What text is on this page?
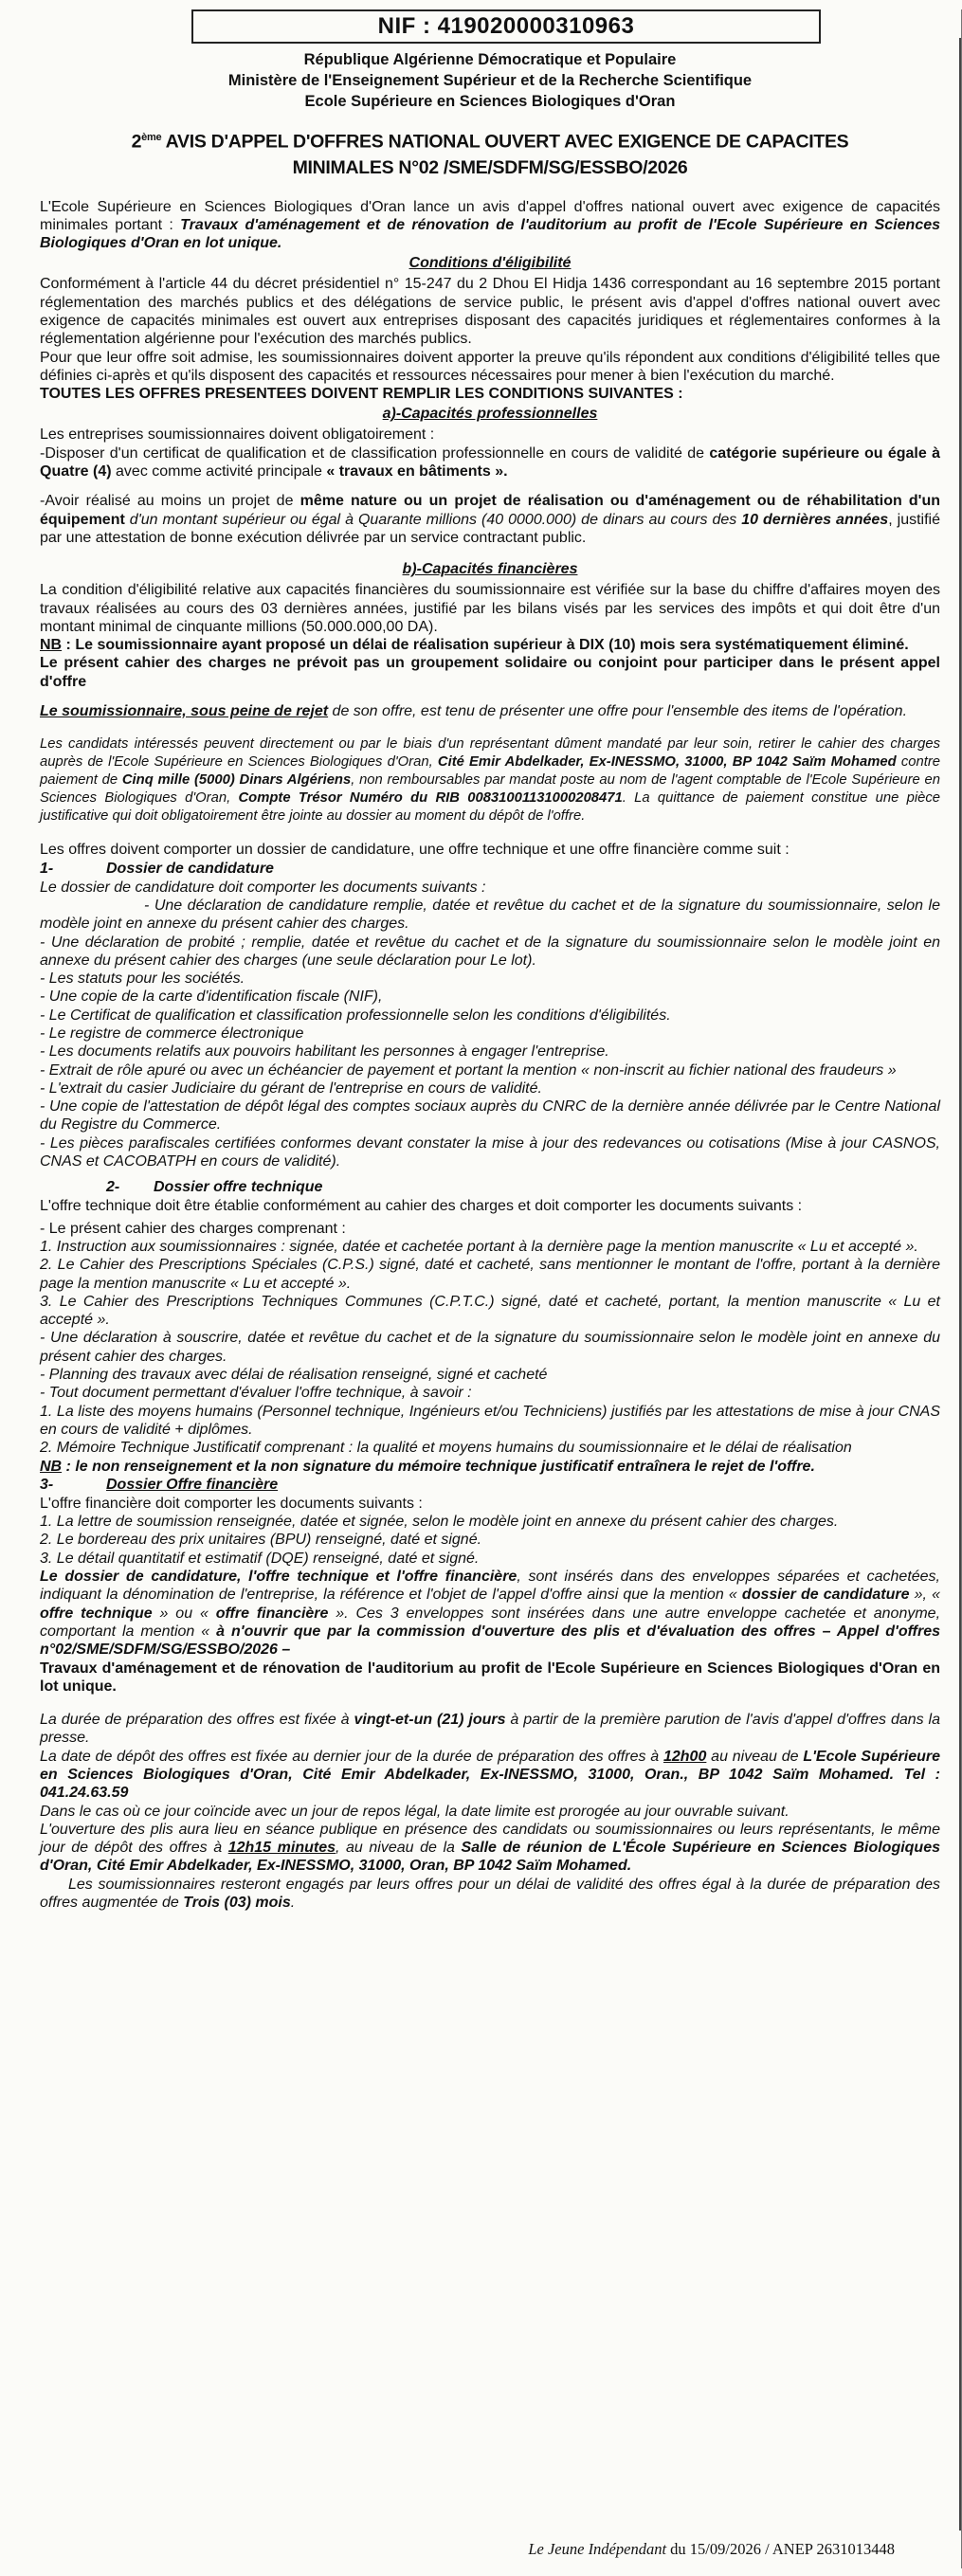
NIF : 419020000310963

République Algérienne Démocratique et Populaire

Ministère de l'Enseignement Supérieur et de la Recherche Scientifique

Ecole Supérieure en Sciences Biologiques d'Oran

2ème AVIS D'APPEL D'OFFRES NATIONAL OUVERT AVEC EXIGENCE DE CAPACITES
MINIMALES N°02 /SME/SDFM/SG/ESSBO/2026

L'Ecole Supérieure en Sciences Biologiques d'Oran lance un avis d'appel d'offres national ouvert avec exigence de capacités minimales portant : Travaux d'aménagement et de rénovation de l'auditorium au profit de l'Ecole Supérieure en Sciences Biologiques d'Oran en lot unique.

Conditions d'éligibilité

Conformément à l'article 44 du décret présidentiel n° 15-247 du 2 Dhou El Hidja 1436 correspondant au 16 septembre 2015 portant réglementation des marchés publics et des délégations de service public, le présent avis d'appel d'offres national ouvert avec exigence de capacités minimales est ouvert aux entreprises disposant des capacités juridiques et réglementaires conformes à la réglementation algérienne pour l'exécution des marchés publics.

Pour que leur offre soit admise, les soumissionnaires doivent apporter la preuve qu'ils répondent aux conditions d'éligibilité telles que définies ci-après et qu'ils disposent des capacités et ressources nécessaires pour mener à bien l'exécution du marché.

TOUTES LES OFFRES PRESENTEES DOIVENT REMPLIR LES CONDITIONS SUIVANTES :

a)-Capacités professionnelles

Les entreprises soumissionnaires doivent obligatoirement :

-Disposer d'un certificat de qualification et de classification professionnelle en cours de validité de catégorie supérieure ou égale à Quatre (4) avec comme activité principale « travaux en bâtiments ».

-Avoir réalisé au moins un projet de même nature ou un projet de réalisation ou d'aménagement ou de réhabilitation d'un équipement d'un montant supérieur ou égal à Quarante millions (40 0000.000) de dinars au cours des 10 dernières années, justifié par une attestation de bonne exécution délivrée par un service contractant public.

b)-Capacités financières

La condition d'éligibilité relative aux capacités financières du soumissionnaire est vérifiée sur la base du chiffre d'affaires moyen des travaux réalisées au cours des 03 dernières années, justifié par les bilans visés par les services des impôts et qui doit être d'un montant minimal de cinquante millions (50.000.000,00 DA).

NB : Le soumissionnaire ayant proposé un délai de réalisation supérieur à DIX (10) mois sera systématiquement éliminé.

Le présent cahier des charges ne prévoit pas un groupement solidaire ou conjoint pour participer dans le présent appel d'offre

Le soumissionnaire, sous peine de rejet de son offre, est tenu de présenter une offre pour l'ensemble des items de l'opération.

Les candidats intéressés peuvent directement ou par le biais d'un représentant dûment mandaté par leur soin, retirer le cahier des charges auprès de l'Ecole Supérieure en Sciences Biologiques d'Oran, Cité Emir Abdelkader, Ex-INESSMO, 31000, BP 1042 Saïm Mohamed contre paiement de Cinq mille (5000) Dinars Algériens, non remboursables par mandat poste au nom de l'agent comptable de l'Ecole Supérieure en Sciences Biologiques d'Oran, Compte Trésor Numéro du RIB 00831001131000208471. La quittance de paiement constitue une pièce justificative qui doit obligatoirement être jointe au dossier au moment du dépôt de l'offre.

Les offres doivent comporter un dossier de candidature, une offre technique et une offre financière comme suit :

1-	Dossier de candidature

Le dossier de candidature doit comporter les documents suivants :

- Une déclaration de candidature remplie, datée et revêtue du cachet et de la signature du soumissionnaire, selon le modèle joint en annexe du présent cahier des charges.

- Une déclaration de probité ; remplie, datée et revêtue du cachet et de la signature du soumissionnaire selon le modèle joint en annexe du présent cahier des charges (une seule déclaration pour Le lot).

- Les statuts pour les sociétés.

- Une copie de la carte d'identification fiscale (NIF),

- Le Certificat de qualification et classification professionnelle selon les conditions d'éligibilités.

- Le registre de commerce électronique

- Les documents relatifs aux pouvoirs habilitant les personnes à engager l'entreprise.

- Extrait de rôle apuré ou avec un échéancier de payement et portant la mention « non-inscrit au fichier national des fraudeurs »

- L'extrait du casier Judiciaire du gérant de l'entreprise en cours de validité.

- Une copie de l'attestation de dépôt légal des comptes sociaux auprès du CNRC de la dernière année délivrée par le Centre National du Registre du Commerce.

- Les pièces parafiscales certifiées conformes devant constater la mise à jour des redevances ou cotisations (Mise à jour CASNOS, CNAS et CACOBATPH en cours de validité).

2- Dossier offre technique

L'offre technique doit être établie conformément au cahier des charges et doit comporter les documents suivants :

- Le présent cahier des charges comprenant :

1. Instruction aux soumissionnaires : signée, datée et cachetée portant à la dernière page la mention manuscrite « Lu et accepté ».

2. Le Cahier des Prescriptions Spéciales (C.P.S.) signé, daté et cacheté, sans mentionner le montant de l'offre, portant à la dernière page la mention manuscrite « Lu et accepté ».

3. Le Cahier des Prescriptions Techniques Communes (C.P.T.C.) signé, daté et cacheté, portant, la mention manuscrite « Lu et accepté ».

- Une déclaration à souscrire, datée et revêtue du cachet et de la signature du soumissionnaire selon le modèle joint en annexe du présent cahier des charges.

- Planning des travaux avec délai de réalisation renseigné, signé et cacheté

- Tout document permettant d'évaluer l'offre technique, à savoir :

1. La liste des moyens humains (Personnel technique, Ingénieurs et/ou Techniciens) justifiés par les attestations de mise à jour CNAS en cours de validité + diplômes.

2. Mémoire Technique Justificatif comprenant : la qualité et moyens humains du soumissionnaire et le délai de réalisation

NB : le non renseignement et la non signature du mémoire technique justificatif entraînera le rejet de l'offre.

3-	Dossier Offre financière

L'offre financière doit comporter les documents suivants :

1. La lettre de soumission renseignée, datée et signée, selon le modèle joint en annexe du présent cahier des charges.

2. Le bordereau des prix unitaires (BPU) renseigné, daté et signé.

3. Le détail quantitatif et estimatif (DQE) renseigné, daté et signé.

Le dossier de candidature, l'offre technique et l'offre financière, sont insérés dans des enveloppes séparées et cachetées, indiquant la dénomination de l'entreprise, la référence et l'objet de l'appel d'offre ainsi que la mention « dossier de candidature », « offre technique » ou « offre financière ». Ces 3 enveloppes sont insérées dans une autre enveloppe cachetée et anonyme, comportant la mention « à n'ouvrir que par la commission d'ouverture des plis et d'évaluation des offres – Appel d'offres n°02/SME/SDFM/SG/ESSBO/2026 –

Travaux d'aménagement et de rénovation de l'auditorium au profit de l'Ecole Supérieure en Sciences Biologiques d'Oran en lot unique.

La durée de préparation des offres est fixée à vingt-et-un (21) jours à partir de la première parution de l'avis d'appel d'offres dans la presse.

La date de dépôt des offres est fixée au dernier jour de la durée de préparation des offres à 12h00 au niveau de L'Ecole Supérieure en Sciences Biologiques d'Oran, Cité Emir Abdelkader, Ex-INESSMO, 31000, Oran., BP 1042 Saïm Mohamed. Tel : 041.24.63.59

Dans le cas où ce jour coïncide avec un jour de repos légal, la date limite est prorogée au jour ouvrable suivant.

L'ouverture des plis aura lieu en séance publique en présence des candidats ou soumissionnaires ou leurs représentants, le même jour de dépôt des offres à 12h15 minutes, au niveau de la Salle de réunion de L'École Supérieure en Sciences Biologiques d'Oran, Cité Emir Abdelkader, Ex-INESSMO, 31000, Oran, BP 1042 Saïm Mohamed.

Les soumissionnaires resteront engagés par leurs offres pour un délai de validité des offres égal à la durée de préparation des offres augmentée de Trois (03) mois.

Le Jeune Indépendant du 15/09/2026 / ANEP 2631013448
